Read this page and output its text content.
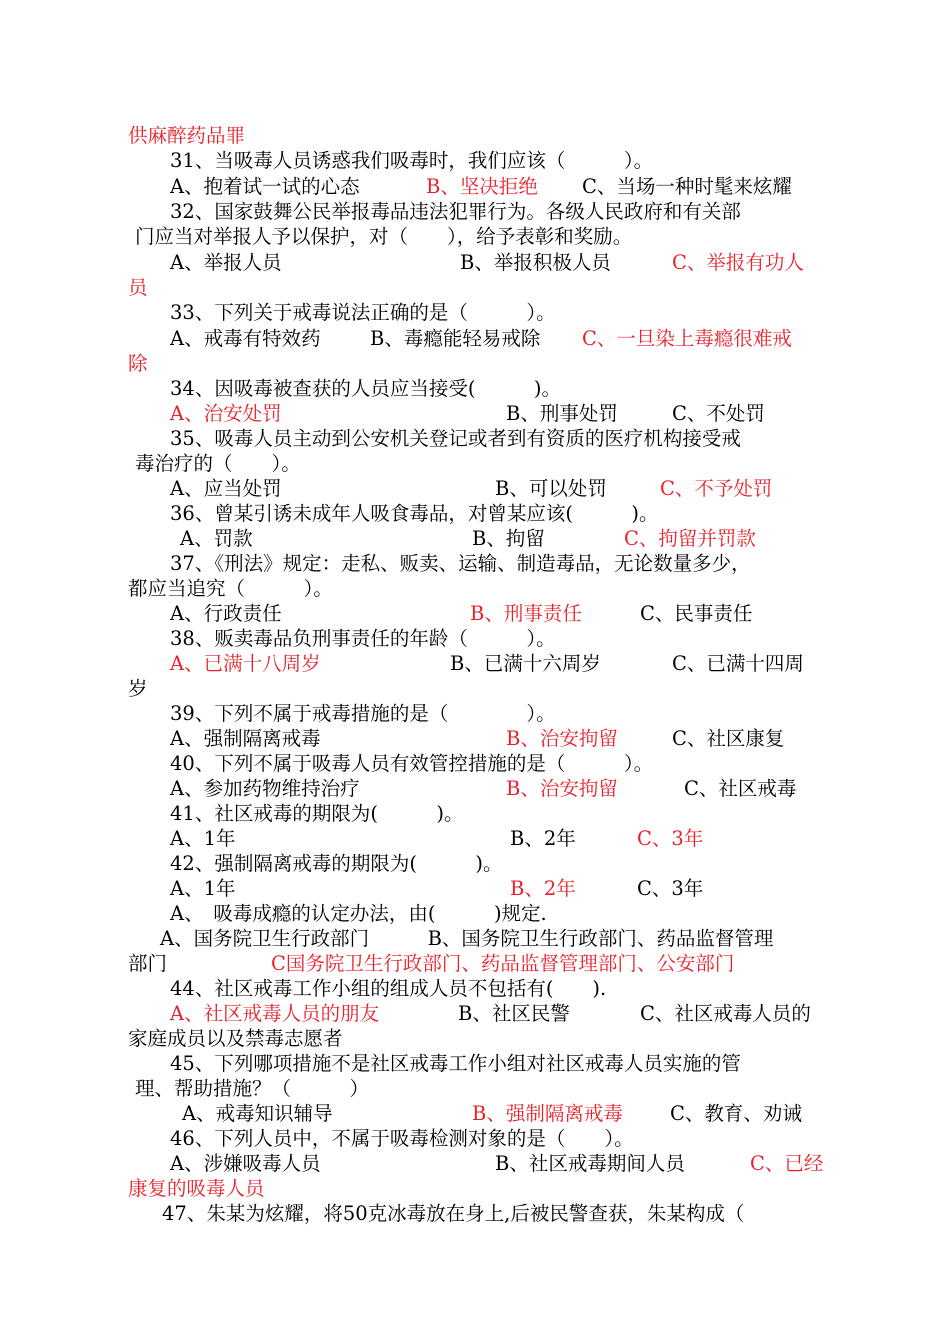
供麻醉药品罪
31、当吸毒人员诱惑我们吸毒时，我们应该（　　　）。
A、抱着试一试的心态	B、坚决拒绝 C、当场一种时髦来炫耀
32、国家鼓舞公民举报毒品违法犯罪行为。各级人民政府和有关部
门应当对举报人予以保护，对（　　），给予表彰和奖励。
A、举报人员	B、举报积极人员	C、举报有功人
员
33、下列关于戒毒说法正确的是（　　　）。
A、戒毒有特效药	B、毒瘾能轻易戒除 C、一旦染上毒瘾很难戒
除
34、因吸毒被查获的人员应当接受(　　　)。
A、治安处罚	B、刑事处罚	C、不处罚
35、吸毒人员主动到公安机关登记或者到有资质的医疗机构接受戒
毒治疗的（　　）。
A、应当处罚	B、可以处罚	C、不予处罚
36、曾某引诱未成年人吸食毒品，对曾某应该(　　　)。
A、罚款	B、拘留	C、拘留并罚款
37、《刑法》规定：走私、贩卖、运输、制造毒品，无论数量多少，
都应当追究（　　　）。
A、行政责任	B、刑事责任	C、民事责任
38、贩卖毒品负刑事责任的年龄（　　　）。
A、已满十八周岁	B、已满十六周岁	C、已满十四周
岁
39、下列不属于戒毒措施的是（　　　　）。
A、强制隔离戒毒	B、治安拘留	C、社区康复
40、下列不属于吸毒人员有效管控措施的是（　　　）。
A、参加药物维持治疗	B、治安拘留	C、社区戒毒
41、社区戒毒的期限为(　　　)。
A、1年	B、2年	C、3年
42、强制隔离戒毒的期限为(　　　)。
A、1年	B、2年	C、3年
A、　吸毒成瘾的认定办法，由(　　　)规定.
A、国务院卫生行政部门　　　B、国务院卫生行政部门、药品监督管理
部门	C国务院卫生行政部门、药品监督管理部门、公安部门
44、社区戒毒工作小组的组成人员不包括有(　　).
A、社区戒毒人员的朋友	B、社区民警	C、社区戒毒人员的
家庭成员以及禁毒志愿者
45、下列哪项措施不是社区戒毒工作小组对社区戒毒人员实施的管
理、帮助措施？（　　　）
A、戒毒知识辅导	B、强制隔离戒毒 C、教育、劝诫
46、下列人员中，不属于吸毒检测对象的是（　　）。
A、涉嫌吸毒人员	B、社区戒毒期间人员	C、已经
康复的吸毒人员
47、朱某为炫耀，将50克冰毒放在身上,后被民警查获，朱某构成（
